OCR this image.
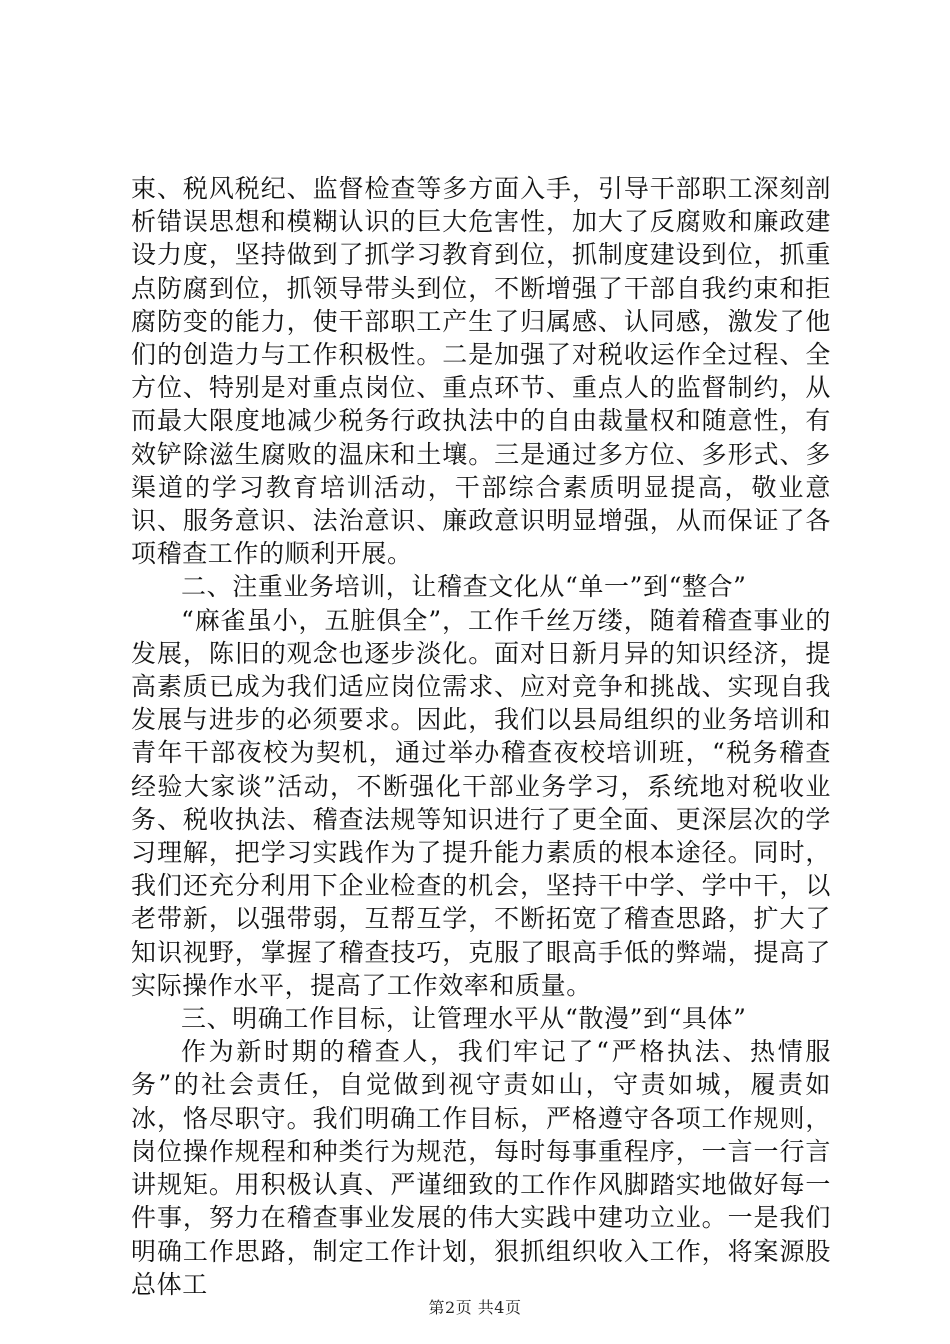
束、税风税纪、监督检查等多方面入手，引导干部职工深刻剖析错误思想和模糊认识的巨大危害性，加大了反腐败和廉政建设力度，坚持做到了抓学习教育到位，抓制度建设到位，抓重点防腐到位，抓领导带头到位，不断增强了干部自我约束和拒腐防变的能力，使干部职工产生了归属感、认同感，激发了他们的创造力与工作积极性。二是加强了对税收运作全过程、全方位、特别是对重点岗位、重点环节、重点人的监督制约，从而最大限度地减少税务行政执法中的自由裁量权和随意性，有效铲除滋生腐败的温床和土壤。三是通过多方位、多形式、多渠道的学习教育培训活动，干部综合素质明显提高，敬业意识、服务意识、法治意识、廉政意识明显增强，从而保证了各项稽查工作的顺利开展。

二、注重业务培训，让稽查文化从“单一”到“整合”

“麻雀虽小，五脏俱全”，工作千丝万缕，随着稽查事业的发展，陈旧的观念也逐步淡化。面对日新月异的知识经济，提高素质已成为我们适应岗位需求、应对竞争和挑战、实现自我发展与进步的必须要求。因此，我们以县局组织的业务培训和青年干部夜校为契机，通过举办稽查夜校培训班，“税务稽查经验大家谈”活动，不断强化干部业务学习，系统地对税收业务、税收执法、稽查法规等知识进行了更全面、更深层次的学习理解，把学习实践作为了提升能力素质的根本途径。同时，我们还充分利用下企业检查的机会，坚持干中学、学中干，以老带新，以强带弱，互帮互学，不断拓宽了稽查思路，扩大了知识视野，掌握了稽查技巧，克服了眼高手低的弊端，提高了实际操作水平，提高了工作效率和质量。

三、明确工作目标，让管理水平从“散漫”到“具体”

作为新时期的稽查人，我们牢记了“严格执法、热情服务”的社会责任，自觉做到视守责如山，守责如城，履责如冰，恪尽职守。我们明确工作目标，严格遵守各项工作规则，岗位操作规程和种类行为规范，每时每事重程序，一言一行言讲规矩。用积极认真、严谨细致的工作作风脚踏实地做好每一件事，努力在稽查事业发展的伟大实践中建功立业。一是我们明确工作思路，制定工作计划，狠抓组织收入工作，将案源股总体工

第2页 共4页
